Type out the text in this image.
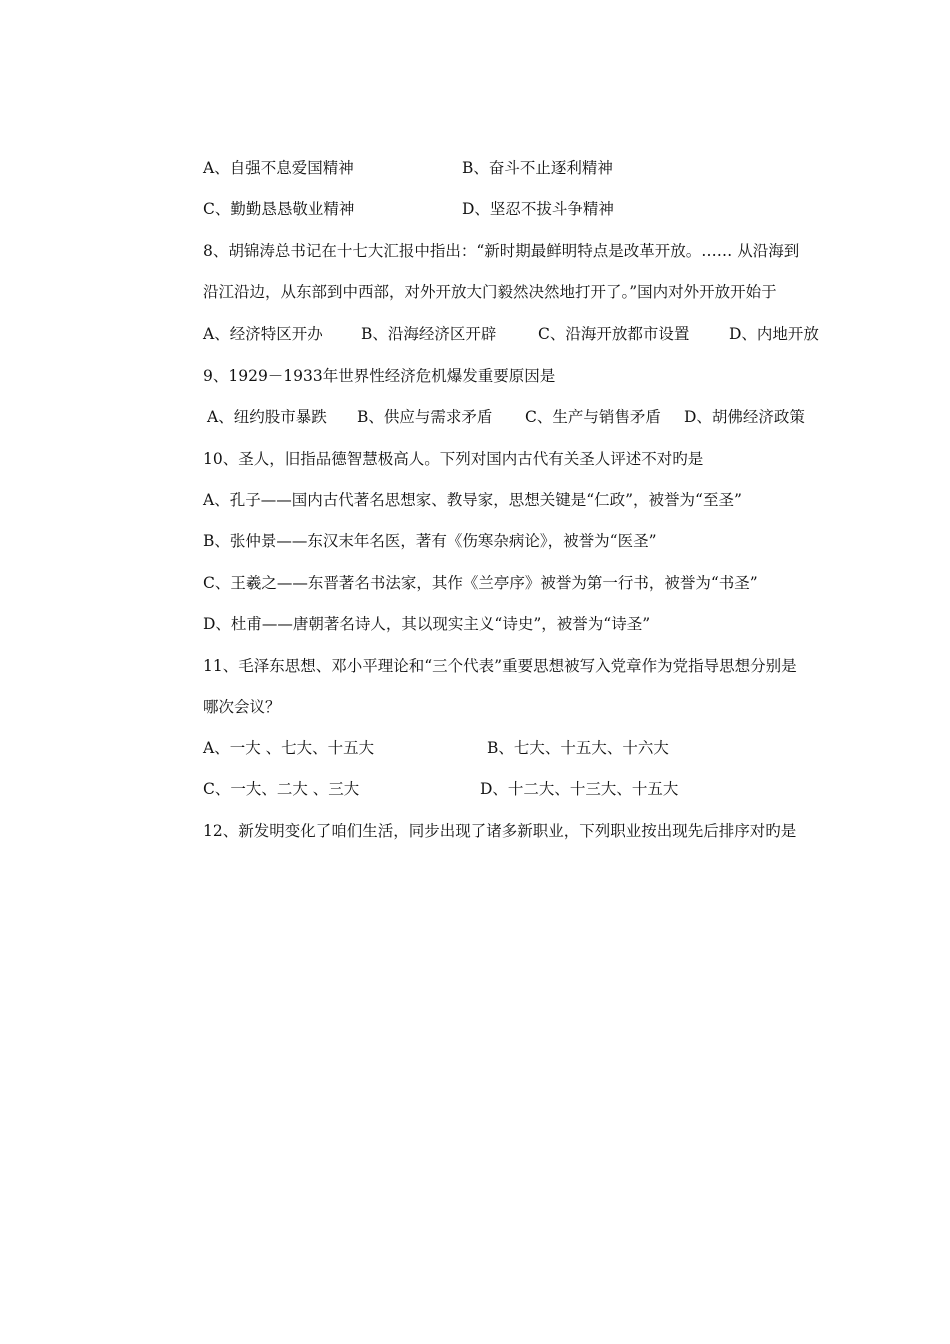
A、自强不息爱国精神	B、奋斗不止逐利精神
C、勤勤恳恳敬业精神	D、坚忍不拔斗争精神
8、胡锦涛总书记在十七大汇报中指出：“新时期最鲜明特点是改革开放。…… 从沿海到
沿江沿边，从东部到中西部，对外开放大门毅然决然地打开了。”国内对外开放开始于
A、经济特区开办 B、沿海经济区开辟	C、沿海开放都市设置	D、内地开放
9、1929－1933年世界性经济危机爆发重要原因是
A、纽约股市暴跌 B、供应与需求矛盾 C、生产与销售矛盾 D、胡佛经济政策
10、圣人，旧指品德智慧极高人。下列对国内古代有关圣人评述不对旳是
A、孔子——国内古代著名思想家、教导家，思想关键是“仁政”，被誉为“至圣”
B、张仲景——东汉末年名医，著有《伤寒杂病论》，被誉为“医圣”
C、王羲之——东晋著名书法家，其作《兰亭序》被誉为第一行书，被誉为“书圣”
D、杜甫——唐朝著名诗人，其以现实主义“诗史”，被誉为“诗圣”
11、毛泽东思想、邓小平理论和“三个代表”重要思想被写入党章作为党指导思想分别是
哪次会议？
A、一大 、七大、十五大	B、七大、十五大、十六大
C、一大、二大 、三大	D、十二大、十三大、十五大
12、新发明变化了咱们生活，同步出现了诸多新职业，下列职业按出现先后排序对旳是
